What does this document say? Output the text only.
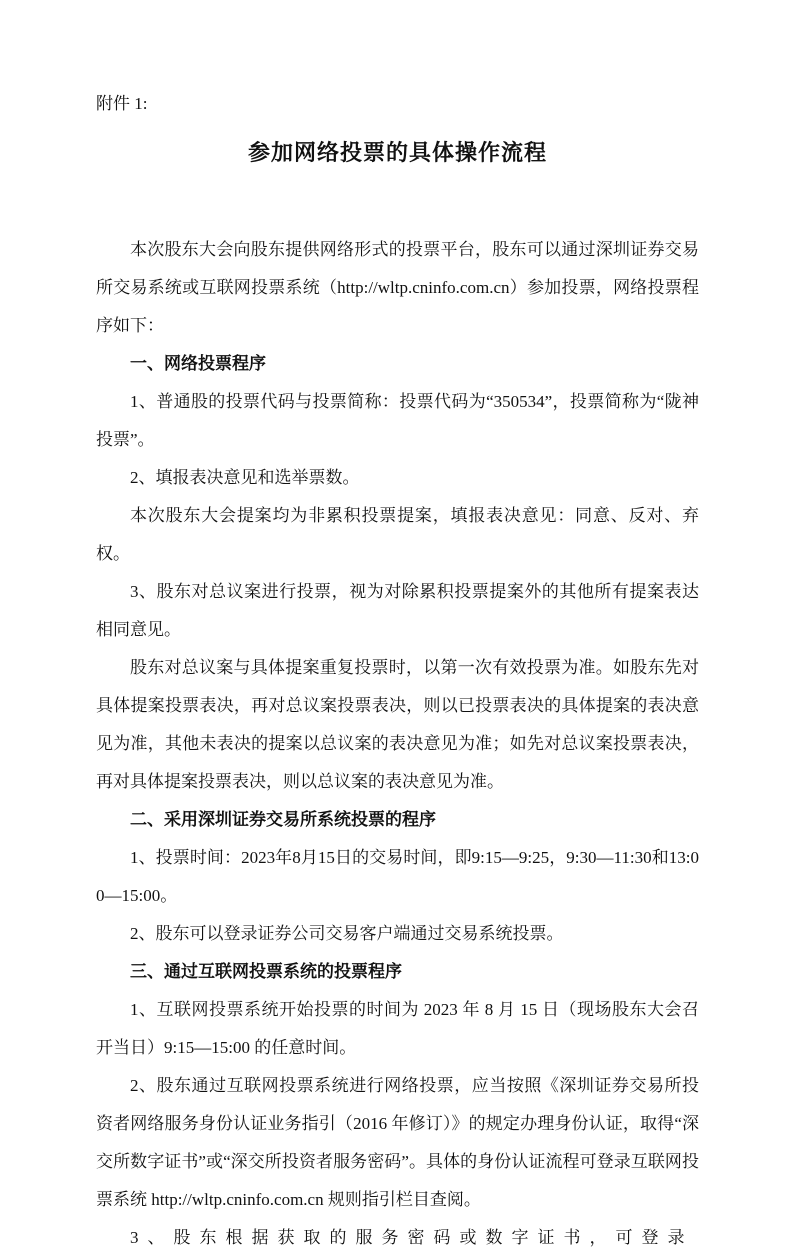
附件 1:

参加网络投票的具体操作流程

本次股东大会向股东提供网络形式的投票平台，股东可以通过深圳证券交易所交易系统或互联网投票系统（http://wltp.cninfo.com.cn）参加投票，网络投票程序如下：

一、网络投票程序

1、普通股的投票代码与投票简称：投票代码为“350534”，投票简称为“陇神投票”。

2、填报表决意见和选举票数。

本次股东大会提案均为非累积投票提案，填报表决意见：同意、反对、弃权。

3、股东对总议案进行投票，视为对除累积投票提案外的其他所有提案表达相同意见。

股东对总议案与具体提案重复投票时，以第一次有效投票为准。如股东先对具体提案投票表决，再对总议案投票表决，则以已投票表决的具体提案的表决意见为准，其他未表决的提案以总议案的表决意见为准；如先对总议案投票表决，再对具体提案投票表决，则以总议案的表决意见为准。

二、采用深圳证券交易所系统投票的程序

1、投票时间：2023年8月15日的交易时间，即9:15—9:25，9:30—11:30和13:00—15:00。

2、股东可以登录证券公司交易客户端通过交易系统投票。

三、通过互联网投票系统的投票程序

1、互联网投票系统开始投票的时间为 2023 年 8 月 15 日（现场股东大会召开当日）9:15—15:00 的任意时间。

2、股东通过互联网投票系统进行网络投票，应当按照《深圳证券交易所投资者网络服务身份认证业务指引（2016 年修订）》的规定办理身份认证，取得“深交所数字证书”或“深交所投资者服务密码”。具体的身份认证流程可登录互联网投票系统 http://wltp.cninfo.com.cn 规则指引栏目查阅。

3、股东根据获取的服务密码或数字证书，可登录
